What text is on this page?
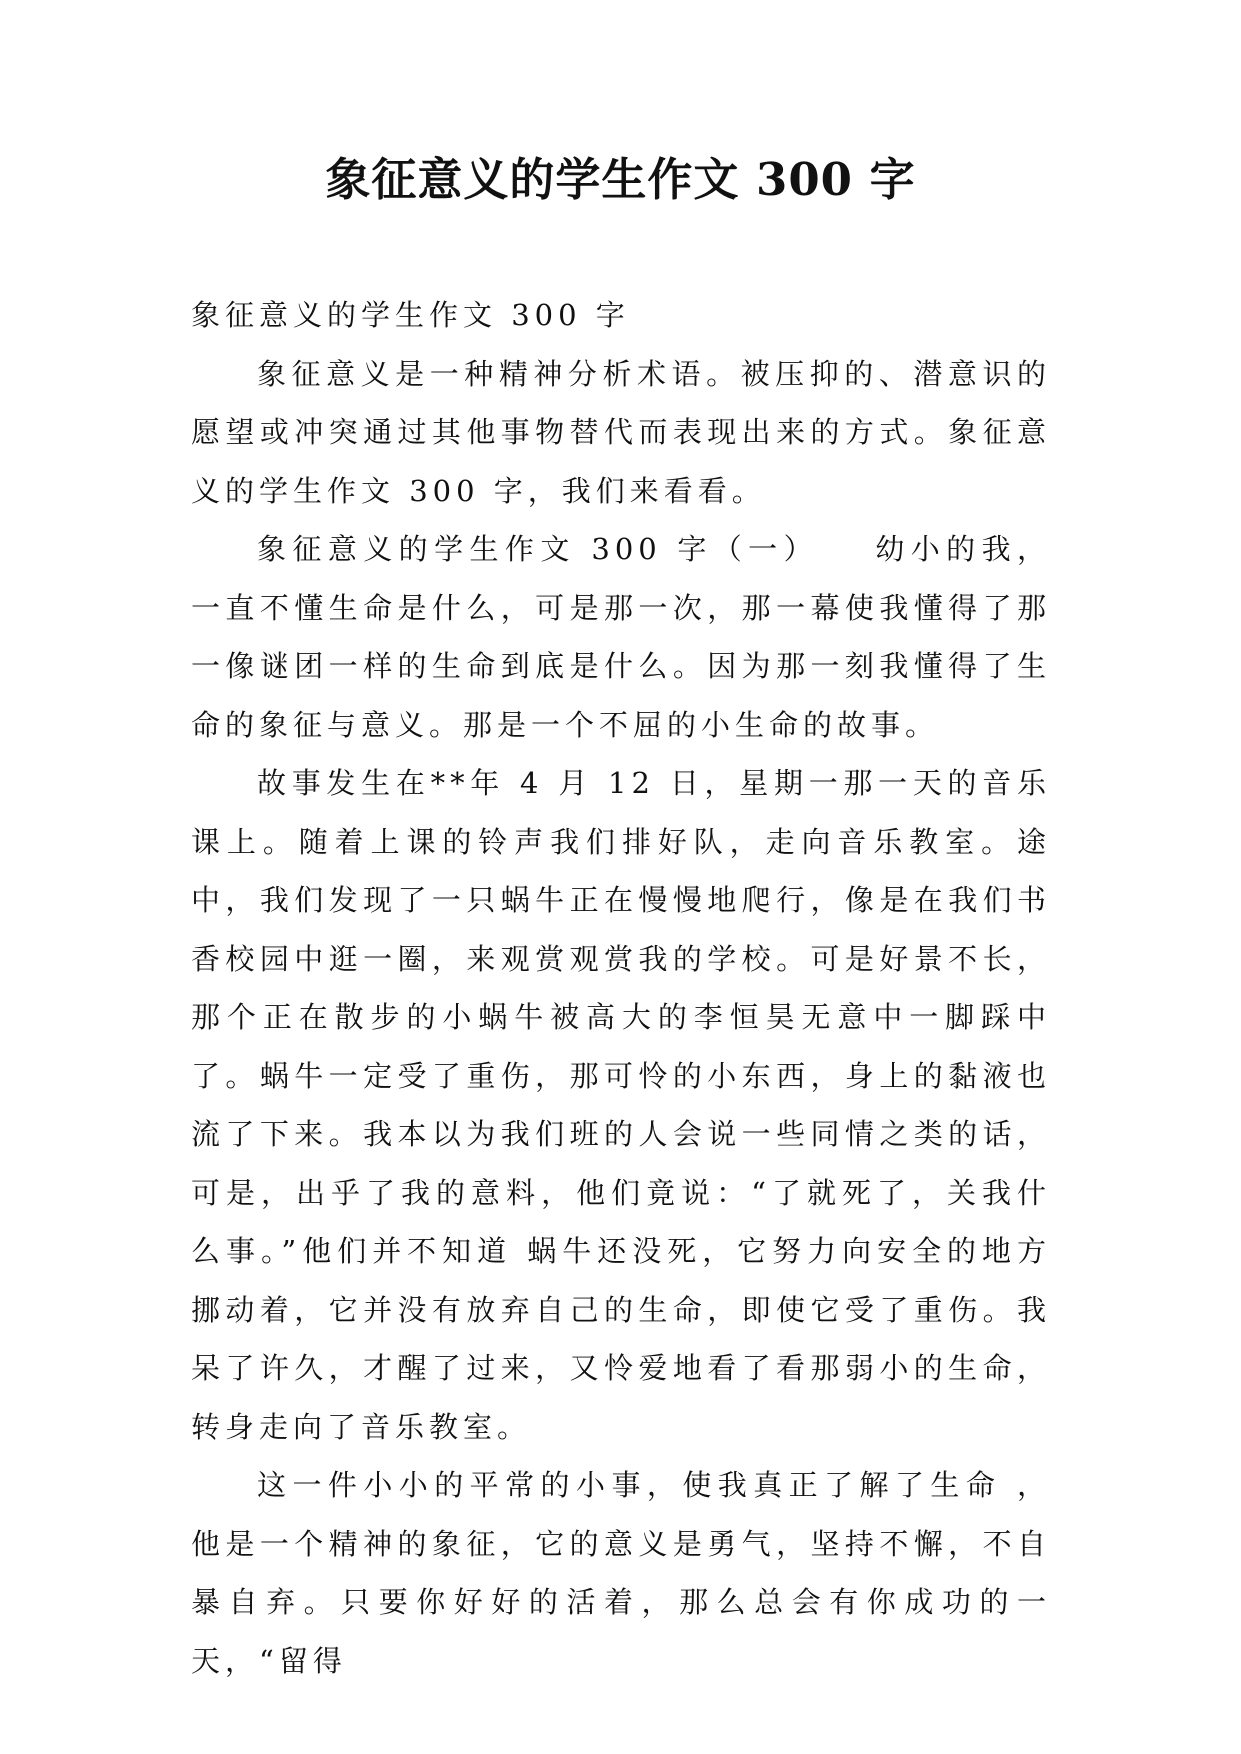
象征意义的学生作文 300 字

象征意义的学生作文 300 字

象征意义是一种精神分析术语。被压抑的、潜意识的愿望或冲突通过其他事物替代而表现出来的方式。象征意义的学生作文 300 字，我们来看看。

象征意义的学生作文 300 字（一）　　幼小的我，一直不懂生命是什么，可是那一次，那一幕使我懂得了那一像谜团一样的生命到底是什么。因为那一刻我懂得了生命的象征与意义。那是一个不屈的小生命的故事。

故事发生在**年 4 月 12 日，星期一那一天的音乐课上。随着上课的铃声我们排好队，走向音乐教室。途中，我们发现了一只蜗牛正在慢慢地爬行，像是在我们书香校园中逛一圈，来观赏观赏我的学校。可是好景不长，那个正在散步的小蜗牛被高大的李恒昊无意中一脚踩中了。蜗牛一定受了重伤，那可怜的小东西，身上的黏液也流了下来。我本以为我们班的人会说一些同情之类的话，可是，出乎了我的意料，他们竟说：“了就死了，关我什么事。”他们并不知道 蜗牛还没死，它努力向安全的地方挪动着，它并没有放弃自己的生命，即使它受了重伤。我呆了许久，才醒了过来，又怜爱地看了看那弱小的生命，转身走向了音乐教室。

这一件小小的平常的小事，使我真正了解了生命 ，他是一个精神的象征，它的意义是勇气，坚持不懈，不自暴自弃。只要你好好的活着，那么总会有你成功的一天，“留得
